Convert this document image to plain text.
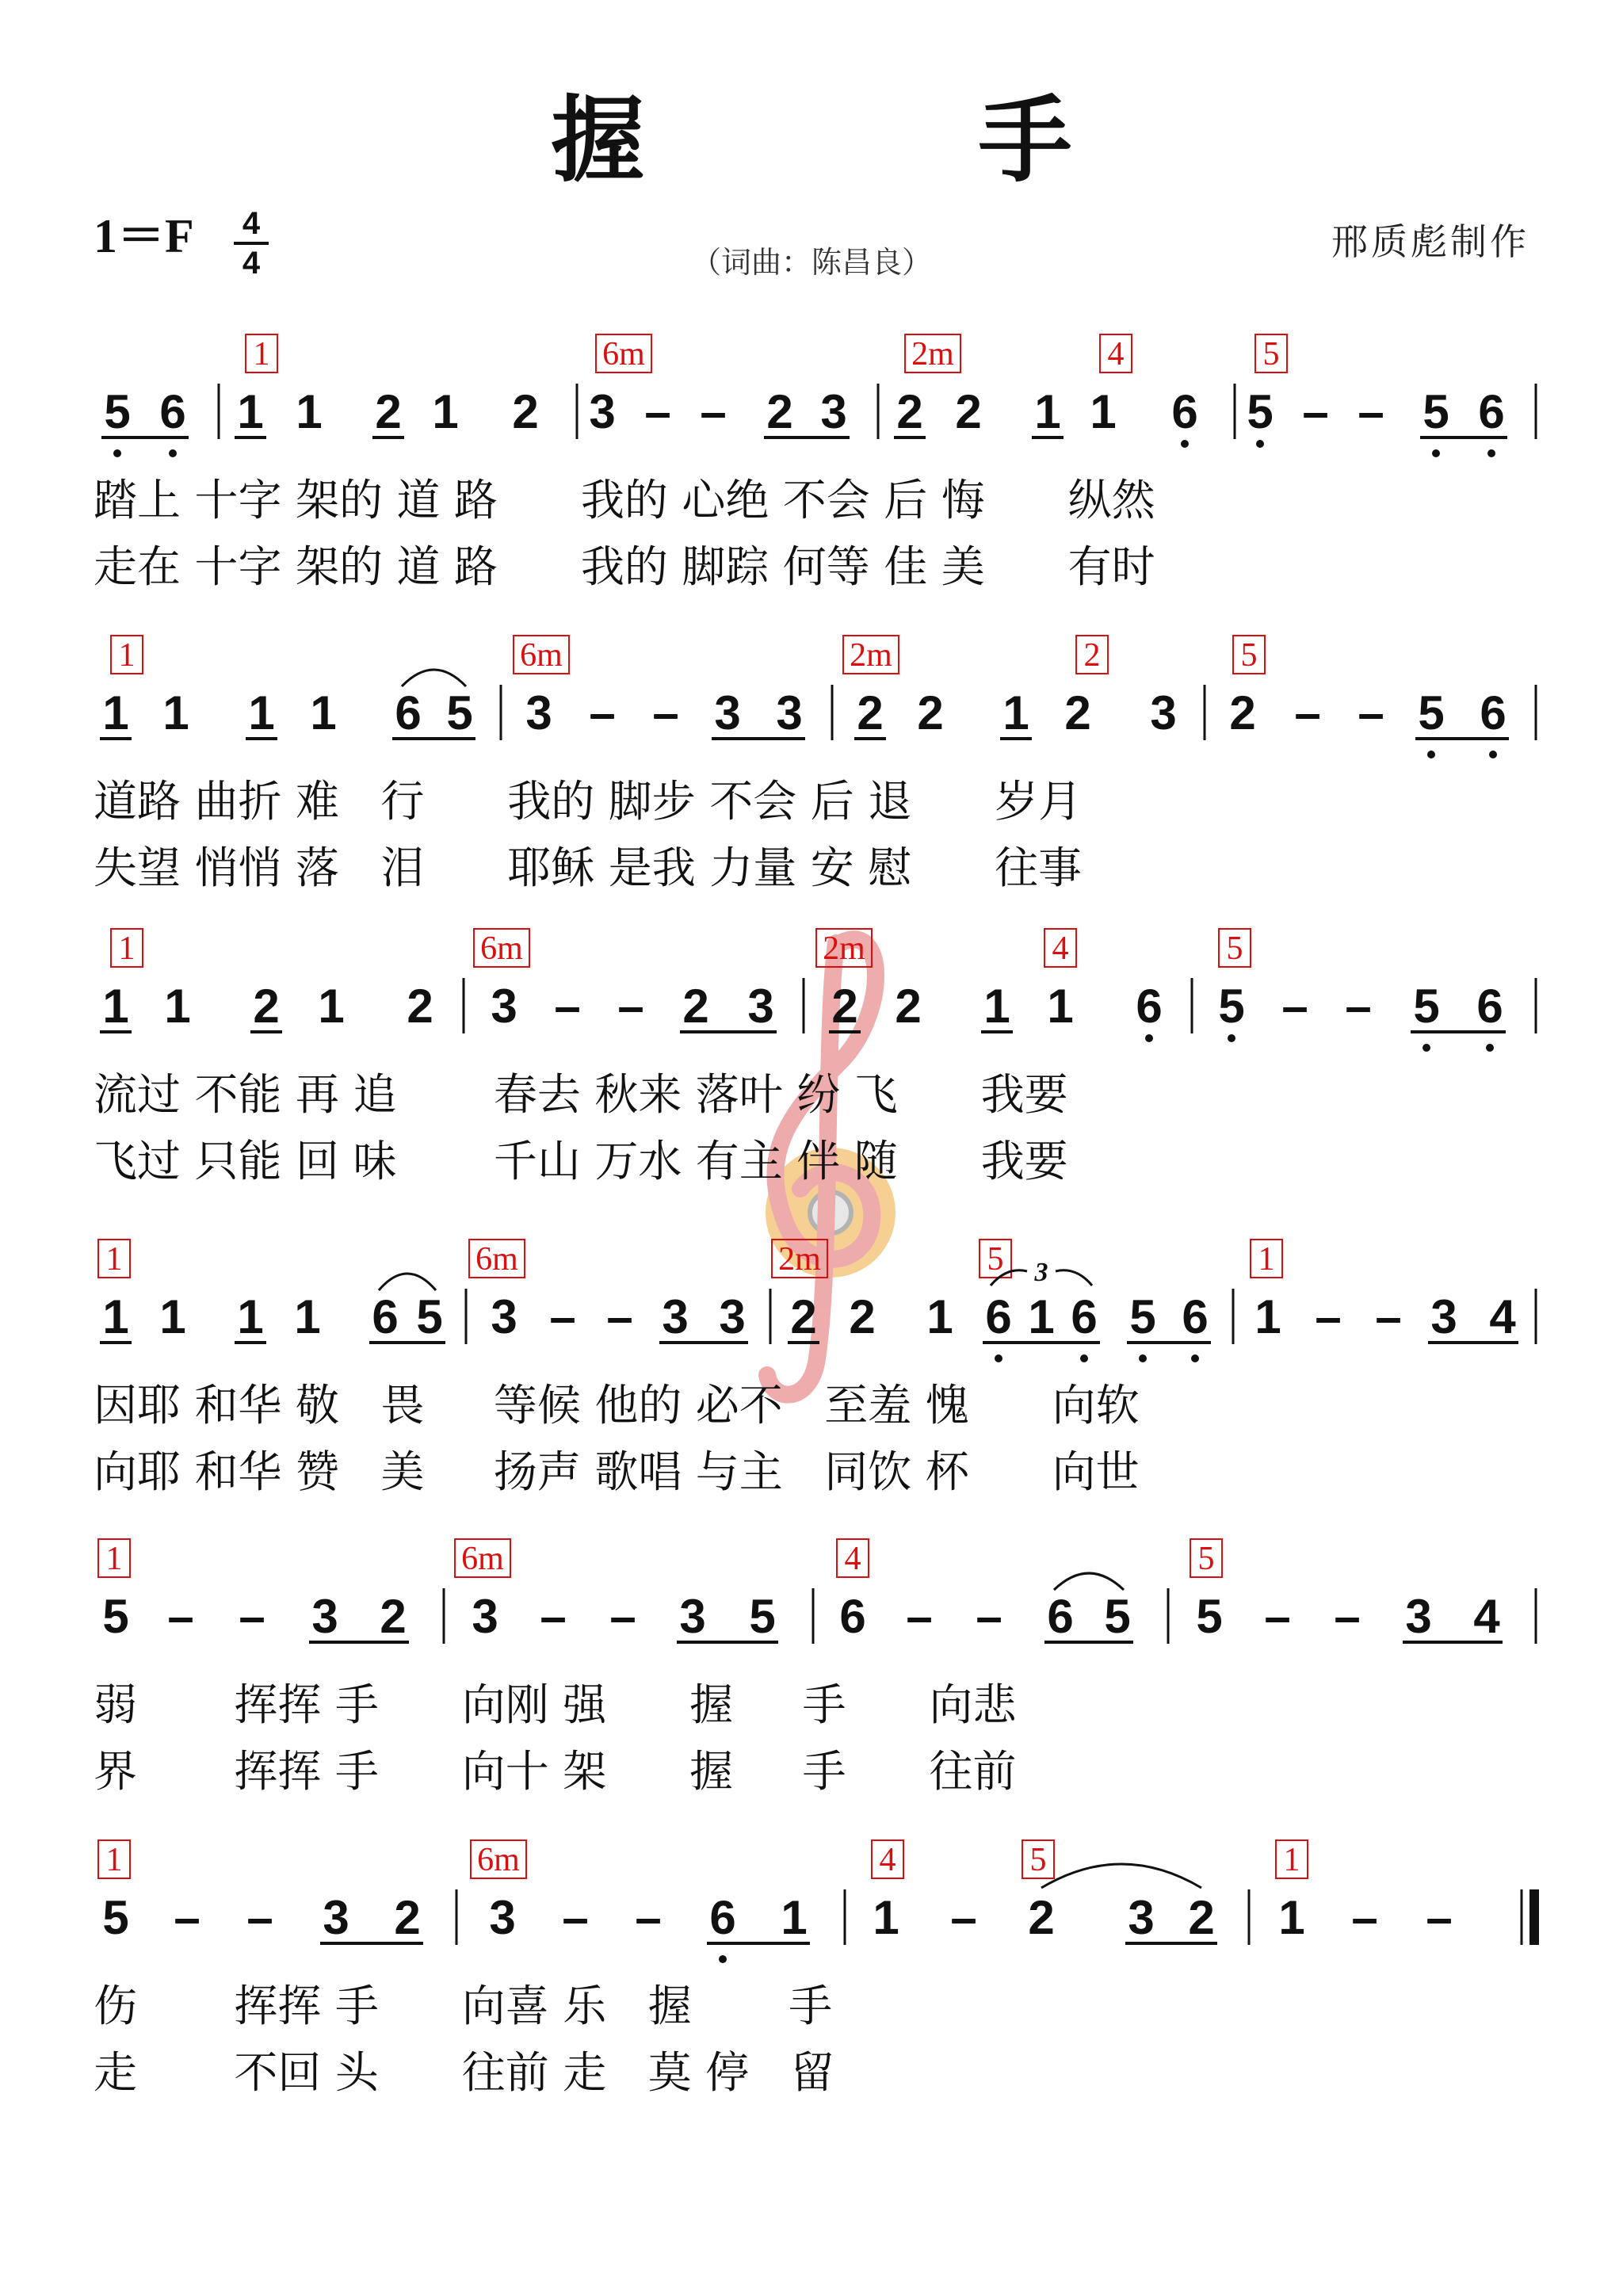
握 手
1＝F 4
4	（词曲：陈昌良）	邢质彪制作
1	6m	2m	4	5
5 6 1 1 2 1 2 3 – – 2 3 2 2 1 1 6 5 – – 5 6
踏上 十字 架的 道 路      我的 心绝 不会 后 悔      纵然
走在 十字 架的 道 路      我的 脚踪 何等 佳 美      有时
1	6m	2m	2	5
1 1 1 1 6 5 3 – – 3 3 2 2 1 2 3 2 – – 5 6
道路 曲折 难   行      我的 脚步 不会 后 退      岁月
失望 悄悄 落   泪      耶稣 是我 力量 安 慰      往事
1	6m	2m	4	5
1 1 2 1 2 3 – – 2 3 2 2 1 1 6 5 – – 5 6
流过 不能 再 追       春去 秋来 落叶 纷 飞      我要
飞过 只能 回 味       千山 万水 有主 伴 随      我要
1	6m	2m	5	1
1 1 1 1 6 5 3 – – 3 3 2 2 1 6 1 6 5 6 1 – – 3 4
3
因耶 和华 敬   畏     等候 他的 必不   至羞 愧      向软
向耶 和华 赞   美     扬声 歌唱 与主   同饮 杯      向世
1	6m	4	5
5 – – 3 2 3 – – 3 5 6 – – 6 5 5 – – 3 4
弱       挥挥 手      向刚 强      握     手      向悲
界       挥挥 手      向十 架      握     手      往前
1	6m	4	5	1
5 – – 3 2 3 – – 6 1 1 – 2 3 2 1 – –
伤       挥挥 手      向喜 乐   握       手
走       不回 头      往前 走   莫 停   留
